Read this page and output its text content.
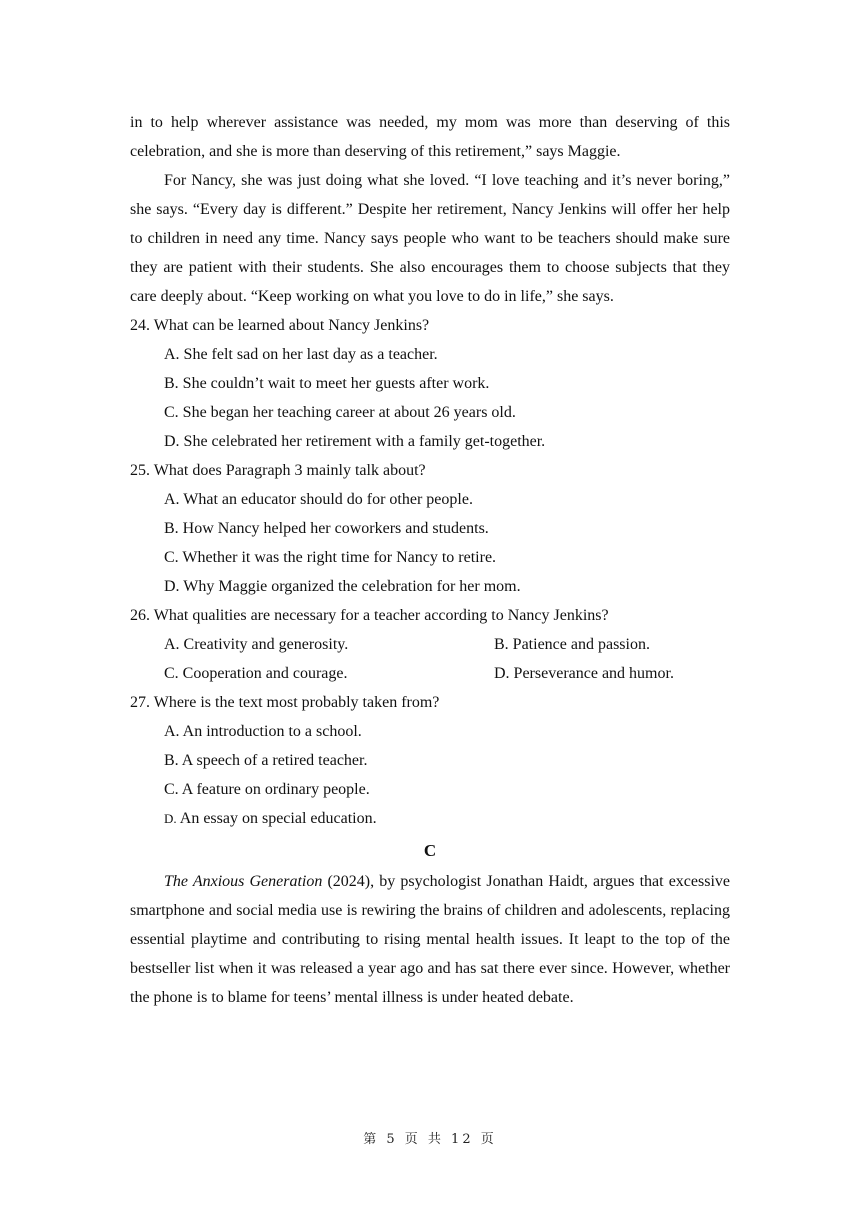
in to help wherever assistance was needed, my mom was more than deserving of this celebration, and she is more than deserving of this retirement,” says Maggie.

For Nancy, she was just doing what she loved. “I love teaching and it’s never boring,” she says. “Every day is different.” Despite her retirement, Nancy Jenkins will offer her help to children in need any time. Nancy says people who want to be teachers should make sure they are patient with their students. She also encourages them to choose subjects that they care deeply about. “Keep working on what you love to do in life,” she says.

24. What can be learned about Nancy Jenkins?
A. She felt sad on her last day as a teacher.
B. She couldn’t wait to meet her guests after work.
C. She began her teaching career at about 26 years old.
D. She celebrated her retirement with a family get-together.
25. What does Paragraph 3 mainly talk about?
A. What an educator should do for other people.
B. How Nancy helped her coworkers and students.
C. Whether it was the right time for Nancy to retire.
D. Why Maggie organized the celebration for her mom.
26. What qualities are necessary for a teacher according to Nancy Jenkins?
A. Creativity and generosity.	B. Patience and passion.
C. Cooperation and courage.	D. Perseverance and humor.
27. Where is the text most probably taken from?
A. An introduction to a school.
B. A speech of a retired teacher.
C. A feature on ordinary people.
D. An essay on special education.
C

The Anxious Generation (2024), by psychologist Jonathan Haidt, argues that excessive smartphone and social media use is rewiring the brains of children and adolescents, replacing essential playtime and contributing to rising mental health issues. It leapt to the top of the bestseller list when it was released a year ago and has sat there ever since. However, whether the phone is to blame for teens’ mental illness is under heated debate.

第 5 页 共 12 页
